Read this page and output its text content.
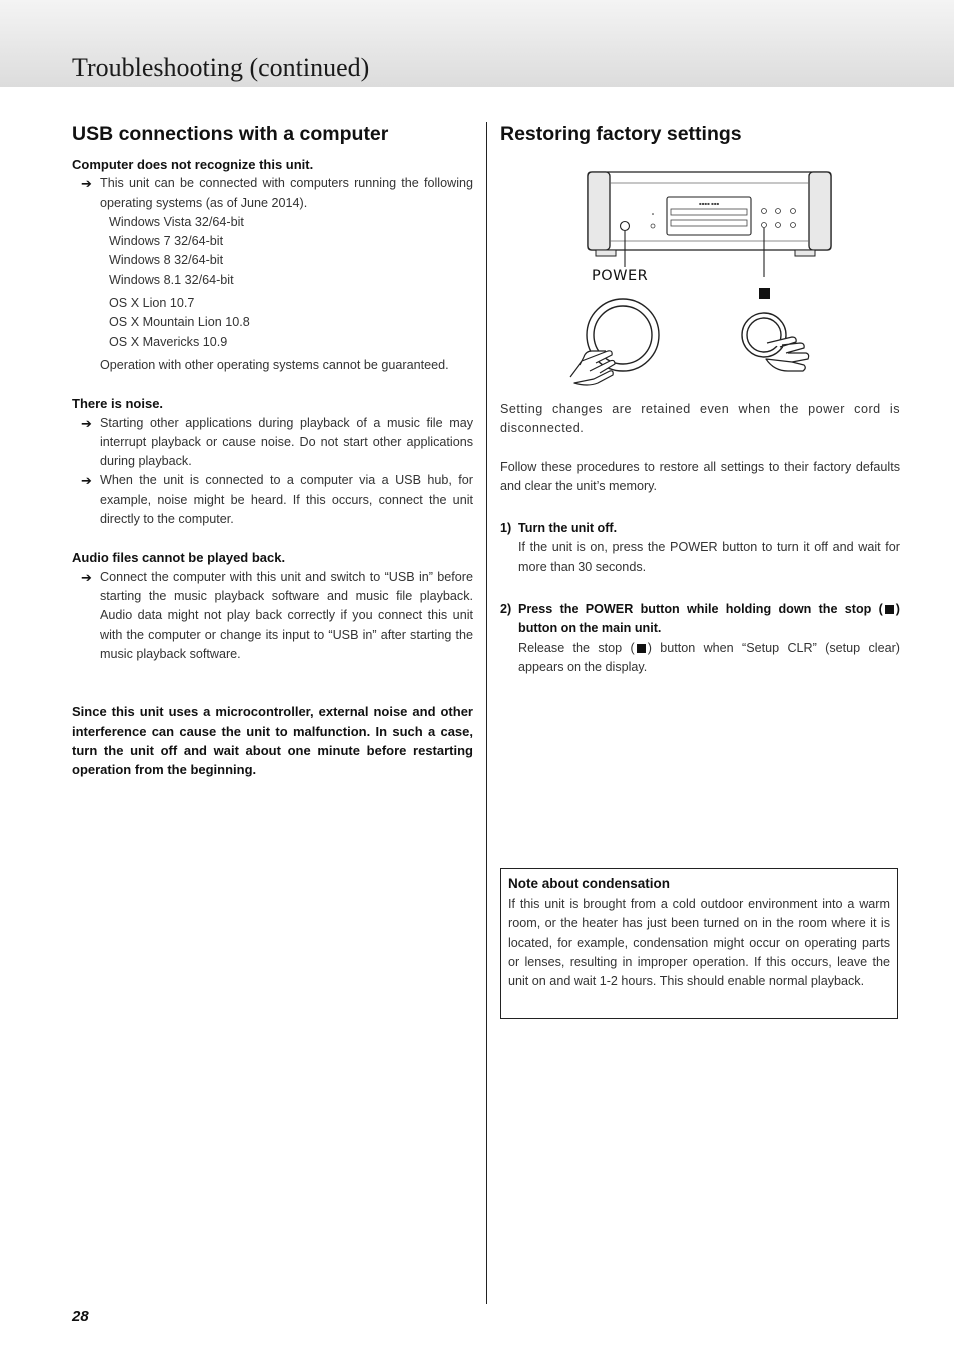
Troubleshooting (continued)
USB connections with a computer

Computer does not recognize this unit.

➔ This unit can be connected with computers running the following operating systems (as of June 2014).
Windows Vista 32/64-bit
Windows 7 32/64-bit
Windows 8 32/64-bit
Windows 8.1 32/64-bit
OS X Lion 10.7
OS X Mountain Lion 10.8
OS X Mavericks 10.9
Operation with other operating systems cannot be guaranteed.

There is noise.

➔ Starting other applications during playback of a music file may interrupt playback or cause noise. Do not start other applications during playback.
➔ When the unit is connected to a computer via a USB hub, for example, noise might be heard. If this occurs, connect the unit directly to the computer.

Audio files cannot be played back.

➔ Connect the computer with this unit and switch to “USB in” before starting the music playback software and music file playback. Audio data might not play back correctly if you connect this unit with the computer or change its input to “USB in” after starting the music playback software.
Since this unit uses a microcontroller, external noise and other interference can cause the unit to malfunction. In such a case, turn the unit off and wait about one minute before restarting operation from the beginning.
Restoring factory settings
▪▪▪▪ ▪▪▪
POWER
Setting changes are retained even when the power cord is disconnected.
Follow these procedures to restore all settings to their factory defaults and clear the unit’s memory.
1) Turn the unit off.
If the unit is on, press the POWER button to turn it off and wait for more than 30 seconds.
2) Press the POWER button while holding down the stop ( ) button on the main unit.
Release the stop ( ) button when “Setup CLR” (setup clear) appears on the display.
Note about condensation
If this unit is brought from a cold outdoor environment into a warm room, or the heater has just been turned on in the room where it is located, for example, condensation might occur on operating parts or lenses, resulting in improper operation. If this occurs, leave the unit on and wait 1-2 hours. This should enable normal playback.
28
